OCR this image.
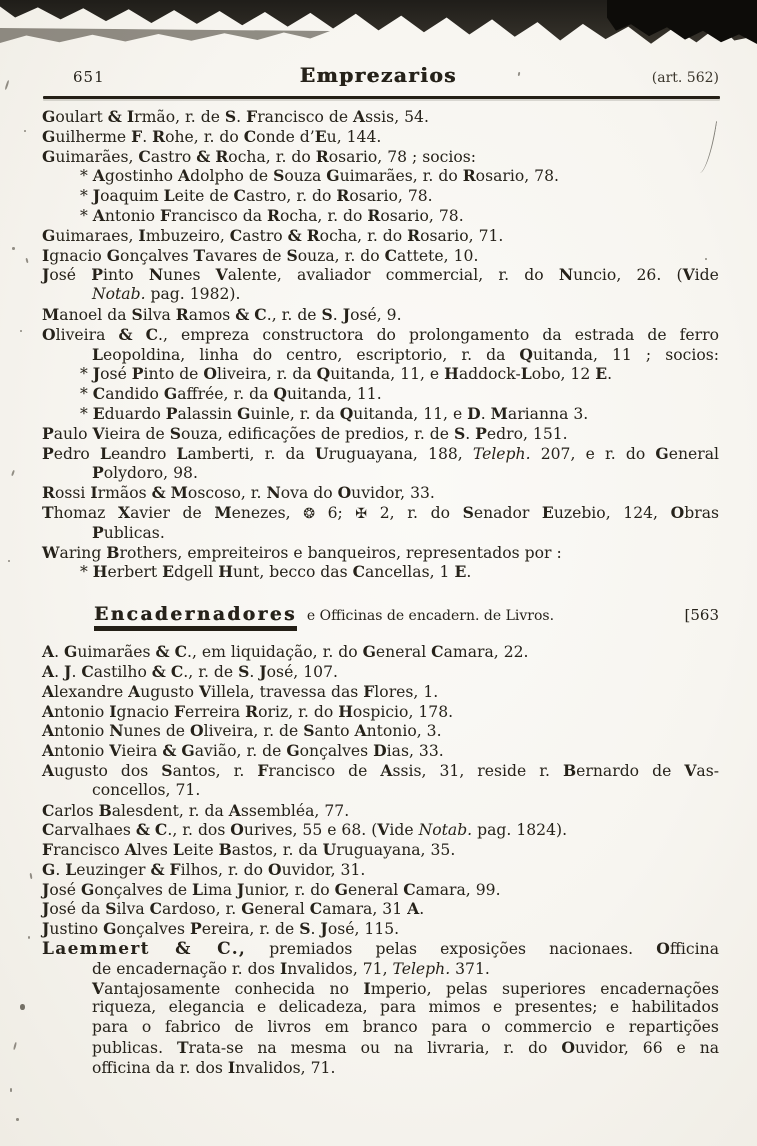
651	Emprezarios	(art. 562)
Goulart & Irmão, r. de S. Francisco de Assis, 54.
Guilherme F. Rohe, r. do Conde d’Eu, 144.
Guimarães, Castro & Rocha, r. do Rosario, 78 ; socios:
* Agostinho Adolpho de Souza Guimarães, r. do Rosario, 78.
* Joaquim Leite de Castro, r. do Rosario, 78.
* Antonio Francisco da Rocha, r. do Rosario, 78.
Guimaraes, Imbuzeiro, Castro & Rocha, r. do Rosario, 71.
Ignacio Gonçalves Tavares de Souza, r. do Cattete, 10.
José Pinto Nunes Valente, avaliador commercial, r. do Nuncio, 26. (Vide
Notab. pag. 1982).
Manoel da Silva Ramos & C., r. de S. José, 9.
Oliveira & C., empreza constructora do prolongamento da estrada de ferro
Leopoldina, linha do centro, escriptorio, r. da Quitanda, 11 ; socios:
* José Pinto de Oliveira, r. da Quitanda, 11, e Haddock-Lobo, 12 E.
* Candido Gafrée, r. da Quitanda, 11.
* Eduardo Palassin Guinle, r. da Quitanda, 11, e D. Marianna 3.
Paulo Vieira de Souza, edifcações de predios, r. de S. Pedro, 151.
Pedro Leandro Lamberti, r. da Uruguayana, 188, Teleph. 207, e r. do General
Polydoro, 98.
Rossi Irmãos & Moscoso, r. Nova do Ouvidor, 33.
Thomaz Xavier de Menezes, ❂ 6; ✠ 2, r. do Senador Euzebio, 124, Obras
Publicas.
Waring Brothers, empreiteiros e banqueiros, representados por :
* Herbert Edgell Hunt, becco das Cancellas, 1 E.
Encadernadores e Officinas de encadern. de Livros.	[563
A. Guimarães & C., em liquidação, r. do General Camara, 22.
A. J. Castilho & C., r. de S. José, 107.
Alexandre Augusto Villela, travessa das Flores, 1.
Antonio Ignacio Ferreira Roriz, r. do Hospicio, 178.
Antonio Nunes de Oliveira, r. de Santo Antonio, 3.
Antonio Vieira & Gavião, r. de Gonçalves Dias, 33.
Augusto dos Santos, r. Francisco de Assis, 31, reside r. Bernardo de Vas-
concellos, 71.
Carlos Balesdent, r. da Assembléa, 77.
Carvalhaes & C., r. dos Ourives, 55 e 68. (Vide Notab. pag. 1824).
Francisco Alves Leite Bastos, r. da Uruguayana, 35.
G. Leuzinger & Filhos, r. do Ouvidor, 31.
José Gonçalves de Lima Junior, r. do General Camara, 99.
José da Silva Cardoso, r. General Camara, 31 A.
Justino Gonçalves Pereira, r. de S. José, 115.
Laemmert & C., premiados pelas exposições nacionaes. Oficina
de encadernação r. dos Invalidos, 71, Teleph. 371.
Vantajosamente conhecida no Imperio, pelas superiores encadernações
riqueza, elegancia e delicadeza, para mimos e presentes; e habilitados
para o fabrico de livros em branco para o commercio e repartições
publicas. Trata-se na mesma ou na livraria, r. do Ouvidor, 66 e na
oficina da r. dos Invalidos, 71.
